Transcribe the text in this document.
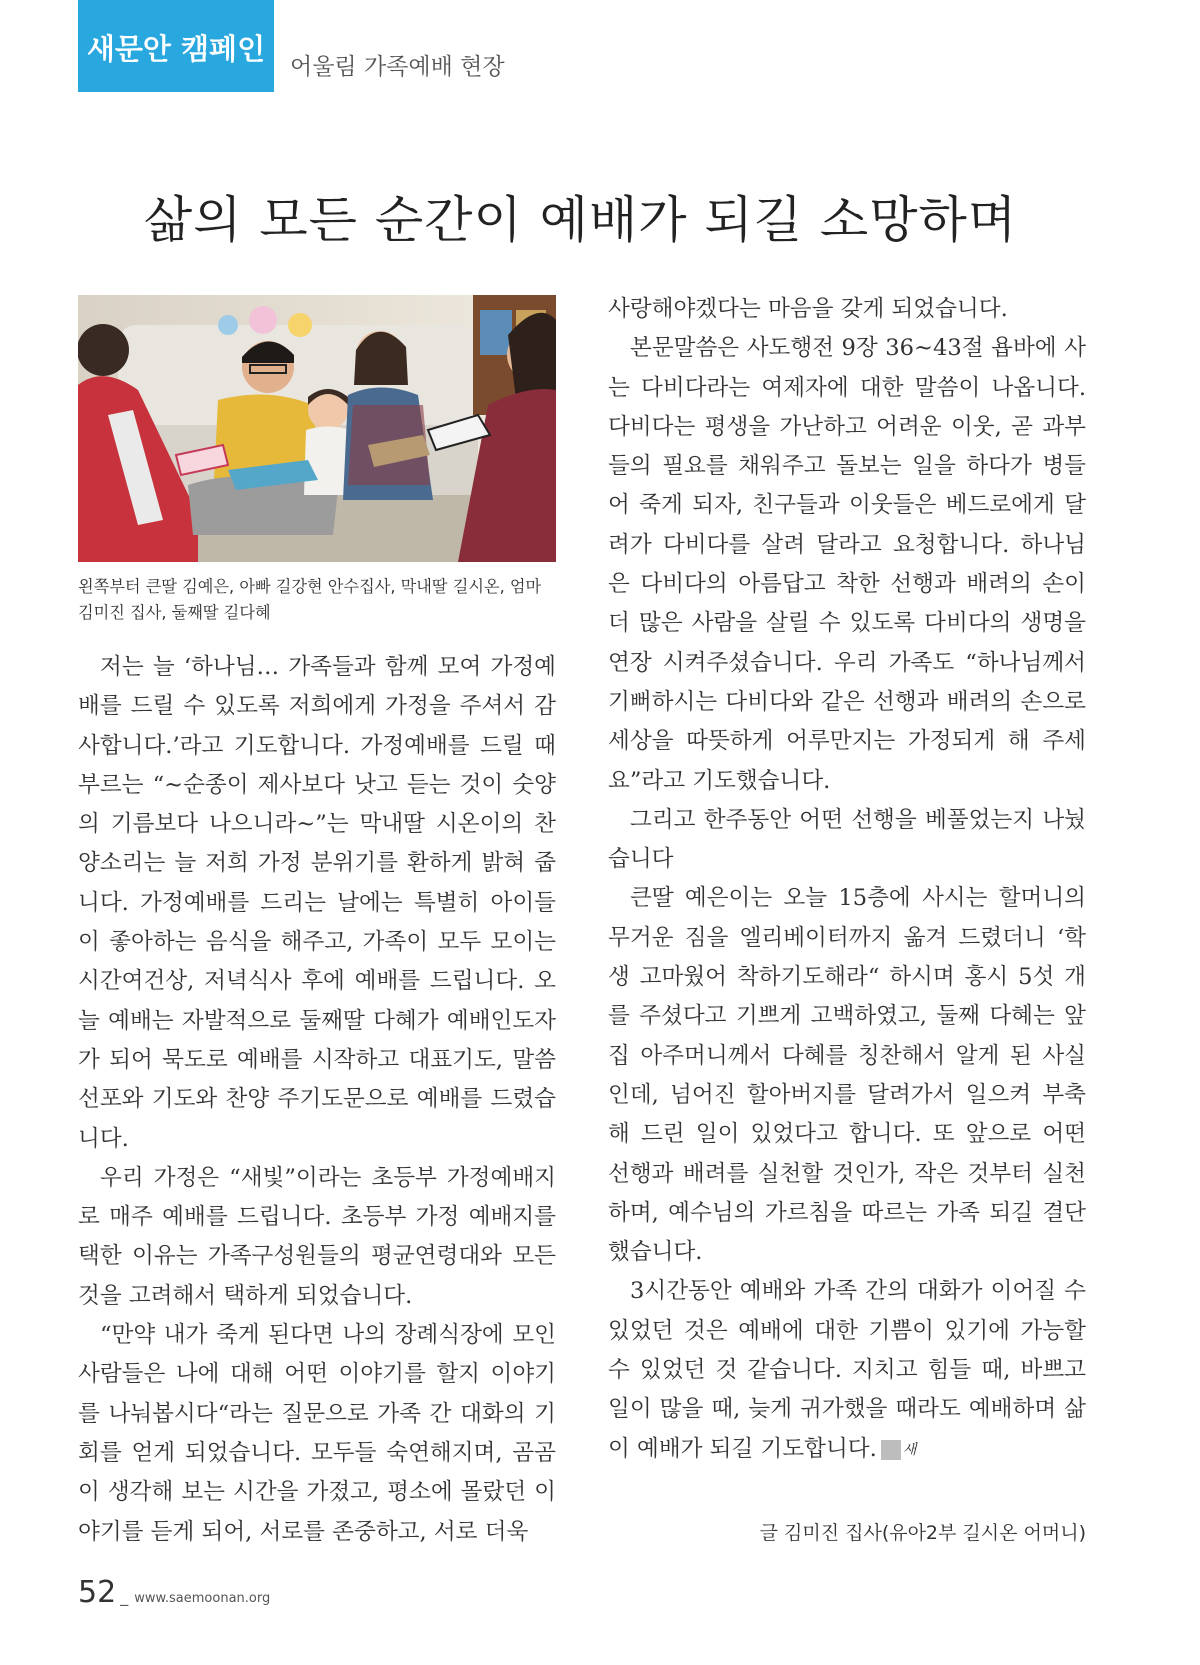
새문안 캠페인
어울림 가족예배 현장
삶의 모든 순간이 예배가 되길 소망하며
왼쪽부터 큰딸 김예은, 아빠 길강현 안수집사, 막내딸 길시온, 엄마
김미진 집사, 둘째딸 길다혜

저는 늘 ‘하나님… 가족들과 함께 모여 가정예배를 드릴 수 있도록 저희에게 가정을 주셔서 감사합니다.’라고 기도합니다. 가정예배를 드릴 때 부르는 “~순종이 제사보다 낫고 듣는 것이 숫양의 기름보다 나으니라~”는 막내딸 시온이의 찬양소리는 늘 저희 가정 분위기를 환하게 밝혀 줍니다. 가정예배를 드리는 날에는 특별히 아이들이 좋아하는 음식을 해주고, 가족이 모두 모이는 시간여건상, 저녁식사 후에 예배를 드립니다. 오늘 예배는 자발적으로 둘째딸 다혜가 예배인도자가 되어 묵도로 예배를 시작하고 대표기도, 말씀선포와 기도와 찬양 주기도문으로 예배를 드렸습니다.

우리 가정은 “새빛”이라는 초등부 가정예배지로 매주 예배를 드립니다. 초등부 가정 예배지를 택한 이유는 가족구성원들의 평균연령대와 모든 것을 고려해서 택하게 되었습니다.

“만약 내가 죽게 된다면 나의 장례식장에 모인 사람들은 나에 대해 어떤 이야기를 할지 이야기를 나눠봅시다“라는 질문으로 가족 간 대화의 기회를 얻게 되었습니다. 모두들 숙연해지며, 곰곰이 생각해 보는 시간을 가졌고, 평소에 몰랐던 이야기를 듣게 되어, 서로를 존중하고, 서로 더욱

사랑해야겠다는 마음을 갖게 되었습니다.

본문말씀은 사도행전 9장 36~43절 욥바에 사는 다비다라는 여제자에 대한 말씀이 나옵니다. 다비다는 평생을 가난하고 어려운 이웃, 곧 과부들의 필요를 채워주고 돌보는 일을 하다가 병들어 죽게 되자, 친구들과 이웃들은 베드로에게 달려가 다비다를 살려 달라고 요청합니다. 하나님은 다비다의 아름답고 착한 선행과 배려의 손이 더 많은 사람을 살릴 수 있도록 다비다의 생명을 연장 시켜주셨습니다. 우리 가족도 “하나님께서 기뻐하시는 다비다와 같은 선행과 배려의 손으로 세상을 따뜻하게 어루만지는 가정되게 해 주세요”라고 기도했습니다.

그리고 한주동안 어떤 선행을 베풀었는지 나눴습니다

큰딸 예은이는 오늘 15층에 사시는 할머니의 무거운 짐을 엘리베이터까지 옮겨 드렸더니 ‘학생 고마웠어 착하기도해라“ 하시며 홍시 5섯 개를 주셨다고 기쁘게 고백하였고, 둘째 다혜는 앞집 아주머니께서 다혜를 칭찬해서 알게 된 사실인데, 넘어진 할아버지를 달려가서 일으켜 부축해 드린 일이 있었다고 합니다. 또 앞으로 어떤 선행과 배려를 실천할 것인가, 작은 것부터 실천하며, 예수님의 가르침을 따르는 가족 되길 결단했습니다.

3시간동안 예배와 가족 간의 대화가 이어질 수 있었던 것은 예배에 대한 기쁨이 있기에 가능할 수 있었던 것 같습니다. 지치고 힘들 때, 바쁘고 일이 많을 때, 늦게 귀가했을 때라도 예배하며 삶이 예배가 되길 기도합니다. 새

글 김미진 집사(유아2부 길시온 어머니)
52 _ www.saemoonan.org
